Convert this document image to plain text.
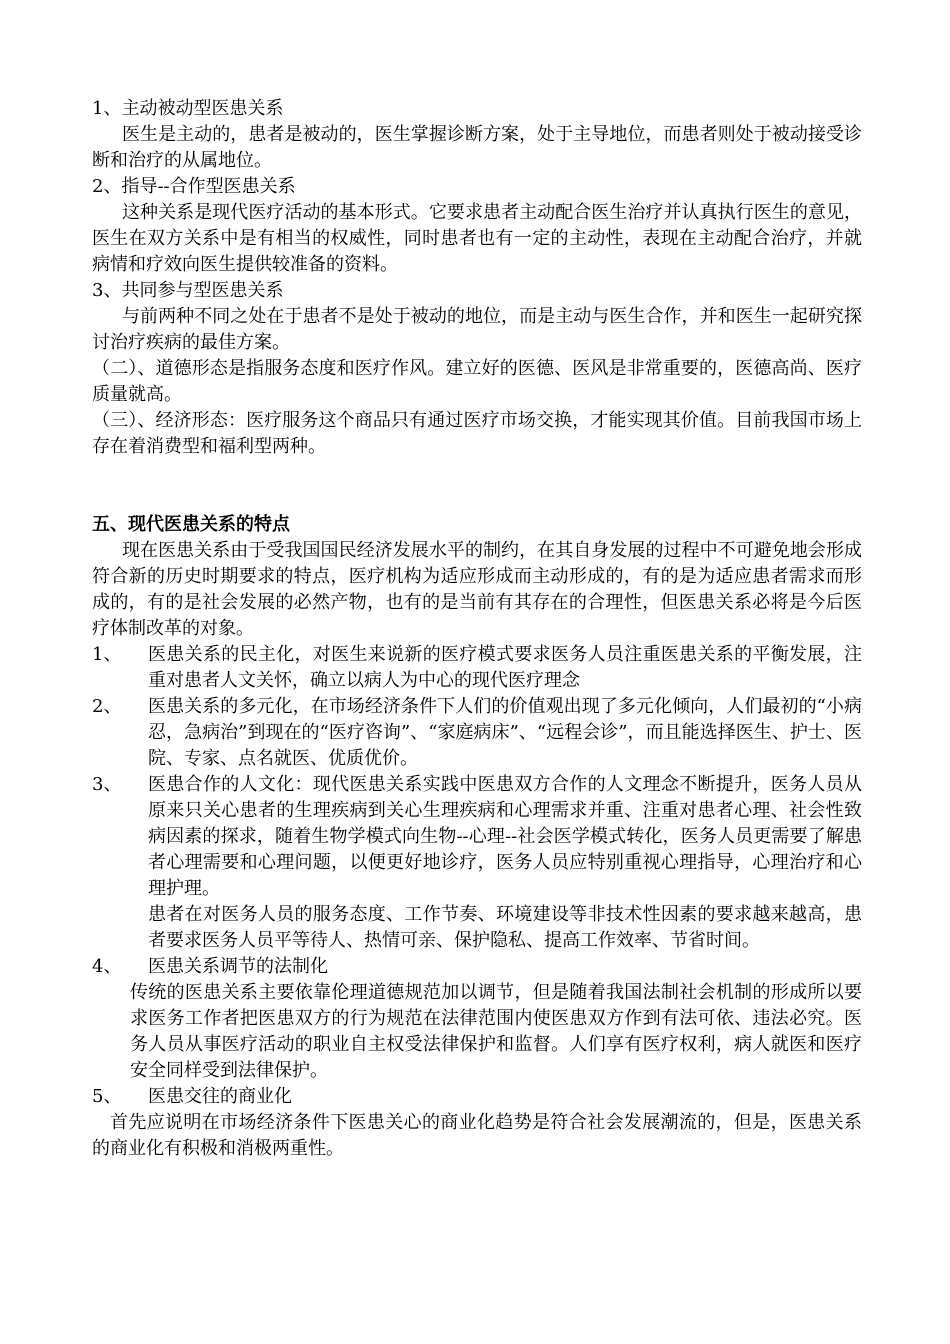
1、主动被动型医患关系

医生是主动的，患者是被动的，医生掌握诊断方案，处于主导地位，而患者则处于被动接受诊断和治疗的从属地位。

2、指导--合作型医患关系

这种关系是现代医疗活动的基本形式。它要求患者主动配合医生治疗并认真执行医生的意见，医生在双方关系中是有相当的权威性，同时患者也有一定的主动性，表现在主动配合治疗，并就病情和疗效向医生提供较准备的资料。

3、共同参与型医患关系

与前两种不同之处在于患者不是处于被动的地位，而是主动与医生合作，并和医生一起研究探讨治疗疾病的最佳方案。

（二）、道德形态是指服务态度和医疗作风。建立好的医德、医风是非常重要的，医德高尚、医疗质量就高。

（三）、经济形态：医疗服务这个商品只有通过医疗市场交换，才能实现其价值。目前我国市场上存在着消费型和福利型两种。

五、现代医患关系的特点

现在医患关系由于受我国国民经济发展水平的制约，在其自身发展的过程中不可避免地会形成符合新的历史时期要求的特点，医疗机构为适应形成而主动形成的，有的是为适应患者需求而形成的，有的是社会发展的必然产物，也有的是当前有其存在的合理性，但医患关系必将是今后医疗体制改革的对象。

1、	医患关系的民主化，对医生来说新的医疗模式要求医务人员注重医患关系的平衡发展，注重对患者人文关怀，确立以病人为中心的现代医疗理念
2、	医患关系的多元化，在市场经济条件下人们的价值观出现了多元化倾向，人们最初的“小病忍，急病治”到现在的“医疗咨询”、“家庭病床”、“远程会诊”，而且能选择医生、护士、医院、专家、点名就医、优质优价。
3、	医患合作的人文化：现代医患关系实践中医患双方合作的人文理念不断提升，医务人员从原来只关心患者的生理疾病到关心生理疾病和心理需求并重、注重对患者心理、社会性致病因素的探求，随着生物学模式向生物--心理--社会医学模式转化，医务人员更需要了解患者心理需要和心理问题，以便更好地诊疗，医务人员应特别重视心理指导，心理治疗和心理护理。

患者在对医务人员的服务态度、工作节奏、环境建设等非技术性因素的要求越来越高，患者要求医务人员平等待人、热情可亲、保护隐私、提高工作效率、节省时间。

4、	医患关系调节的法制化

传统的医患关系主要依靠伦理道德规范加以调节，但是随着我国法制社会机制的形成所以要求医务工作者把医患双方的行为规范在法律范围内使医患双方作到有法可依、违法必究。医务人员从事医疗活动的职业自主权受法律保护和监督。人们享有医疗权利，病人就医和医疗安全同样受到法律保护。

5、	医患交往的商业化

首先应说明在市场经济条件下医患关心的商业化趋势是符合社会发展潮流的，但是，医患关系的商业化有积极和消极两重性。
